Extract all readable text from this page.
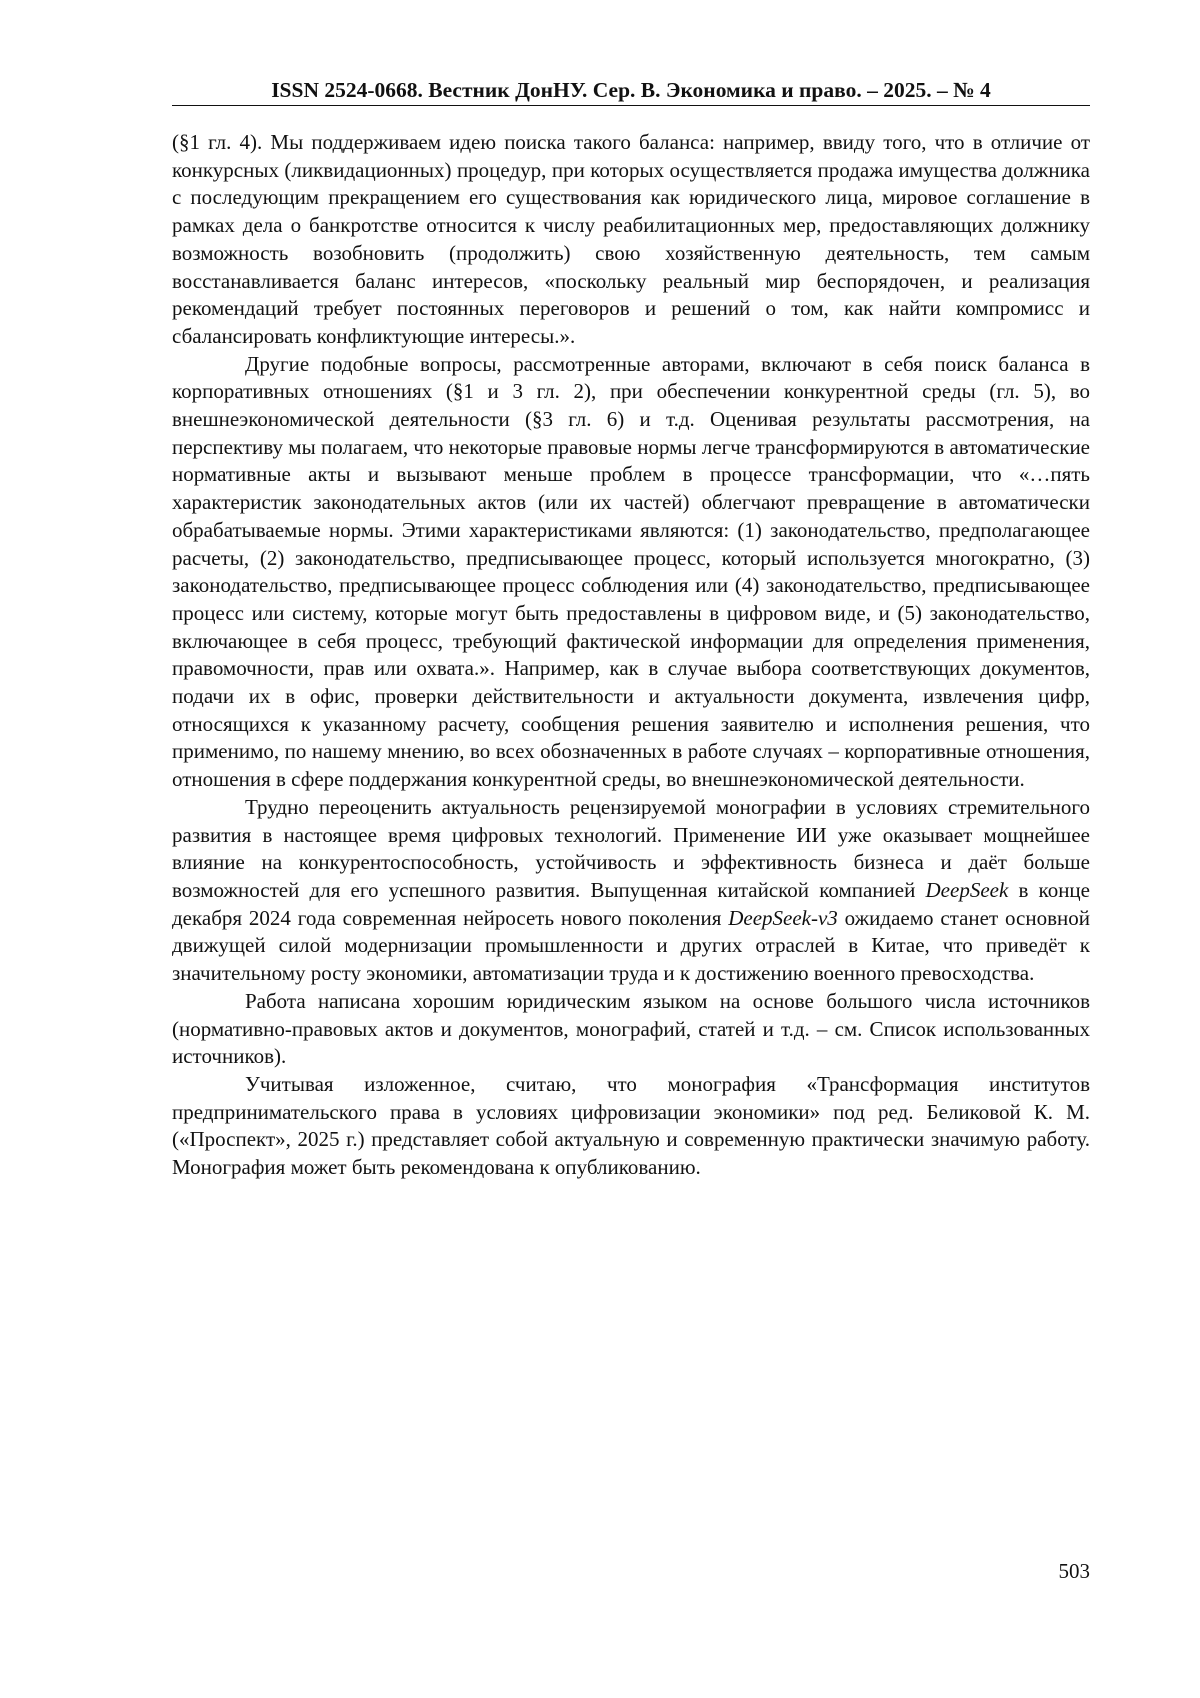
ISSN 2524-0668. Вестник ДонНУ. Сер. В. Экономика и право. – 2025. – № 4

(§1 гл. 4). Мы поддерживаем идею поиска такого баланса: например, ввиду того, что в отличие от конкурсных (ликвидационных) процедур, при которых осуществляется продажа имущества должника с последующим прекращением его существования как юридического лица, мировое соглашение в рамках дела о банкротстве относится к числу реабилитационных мер, предоставляющих должнику возможность возобновить (продолжить) свою хозяйственную деятельность, тем самым восстанавливается баланс интересов, «поскольку реальный мир беспорядочен, и реализация рекомендаций требует постоянных переговоров и решений о том, как найти компромисс и сбалансировать конфликтующие интересы.».

Другие подобные вопросы, рассмотренные авторами, включают в себя поиск баланса в корпоративных отношениях (§1 и 3 гл. 2), при обеспечении конкурентной среды (гл. 5), во внешнеэкономической деятельности (§3 гл. 6) и т.д. Оценивая результаты рассмотрения, на перспективу мы полагаем, что некоторые правовые нормы легче трансформируются в автоматические нормативные акты и вызывают меньше проблем в процессе трансформации, что «…пять характеристик законодательных актов (или их частей) облегчают превращение в автоматически обрабатываемые нормы. Этими характеристиками являются: (1) законодательство, предполагающее расчеты, (2) законодательство, предписывающее процесс, который используется многократно, (3) законодательство, предписывающее процесс соблюдения или (4) законодательство, предписывающее процесс или систему, которые могут быть предоставлены в цифровом виде, и (5) законодательство, включающее в себя процесс, требующий фактической информации для определения применения, правомочности, прав или охвата.». Например, как в случае выбора соответствующих документов, подачи их в офис, проверки действительности и актуальности документа, извлечения цифр, относящихся к указанному расчету, сообщения решения заявителю и исполнения решения, что применимо, по нашему мнению, во всех обозначенных в работе случаях – корпоративные отношения, отношения в сфере поддержания конкурентной среды, во внешнеэкономической деятельности.

Трудно переоценить актуальность рецензируемой монографии в условиях стремительного развития в настоящее время цифровых технологий. Применение ИИ уже оказывает мощнейшее влияние на конкурентоспособность, устойчивость и эффективность бизнеса и даёт больше возможностей для его успешного развития. Выпущенная китайской компанией DeepSeek в конце декабря 2024 года современная нейросеть нового поколения DeepSeek-v3 ожидаемо станет основной движущей силой модернизации промышленности и других отраслей в Китае, что приведёт к значительному росту экономики, автоматизации труда и к достижению военного превосходства.

Работа написана хорошим юридическим языком на основе большого числа источников (нормативно-правовых актов и документов, монографий, статей и т.д. – см. Список использованных источников).

Учитывая изложенное, считаю, что монография «Трансформация институтов предпринимательского права в условиях цифровизации экономики» под ред. Беликовой К. М. («Проспект», 2025 г.) представляет собой актуальную и современную практически значимую работу. Монография может быть рекомендована к опубликованию.

503
